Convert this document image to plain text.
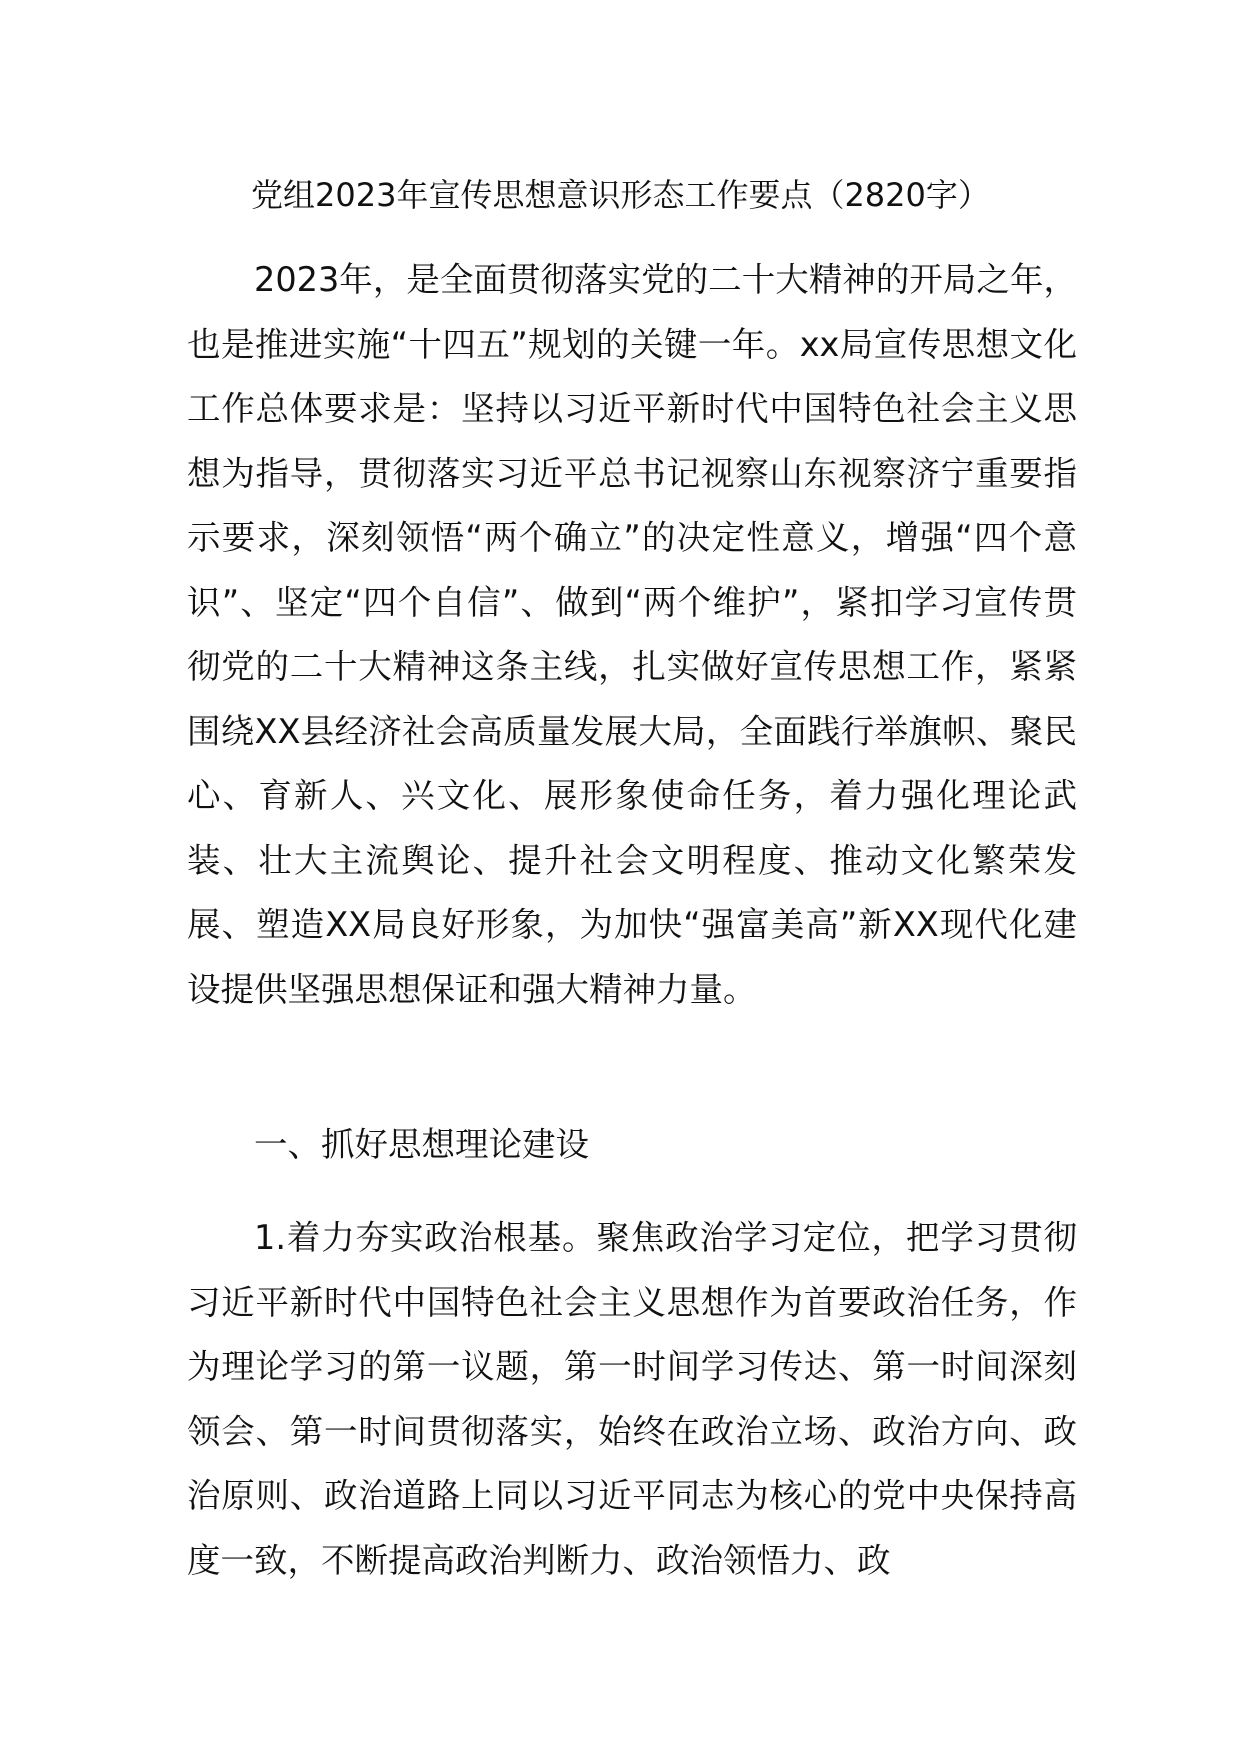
党组2023年宣传思想意识形态工作要点（2820字）
2023年，是全面贯彻落实党的二十大精神的开局之年，也是推进实施“十四五”规划的关键一年。xx局宣传思想文化工作总体要求是：坚持以习近平新时代中国特色社会主义思想为指导，贯彻落实习近平总书记视察山东视察济宁重要指示要求，深刻领悟“两个确立”的决定性意义，增强“四个意识”、坚定“四个自信”、做到“两个维护”，紧扣学习宣传贯彻党的二十大精神这条主线，扎实做好宣传思想工作，紧紧围绕XX县经济社会高质量发展大局，全面践行举旗帜、聚民心、育新人、兴文化、展形象使命任务，着力强化理论武装、壮大主流舆论、提升社会文明程度、推动文化繁荣发展、塑造XX局良好形象，为加快“强富美高”新XX现代化建设提供坚强思想保证和强大精神力量。
一、抓好思想理论建设
1.着力夯实政治根基。聚焦政治学习定位，把学习贯彻习近平新时代中国特色社会主义思想作为首要政治任务，作为理论学习的第一议题，第一时间学习传达、第一时间深刻领会、第一时间贯彻落实，始终在政治立场、政治方向、政治原则、政治道路上同以习近平同志为核心的党中央保持高度一致，不断提高政治判断力、政治领悟力、政
